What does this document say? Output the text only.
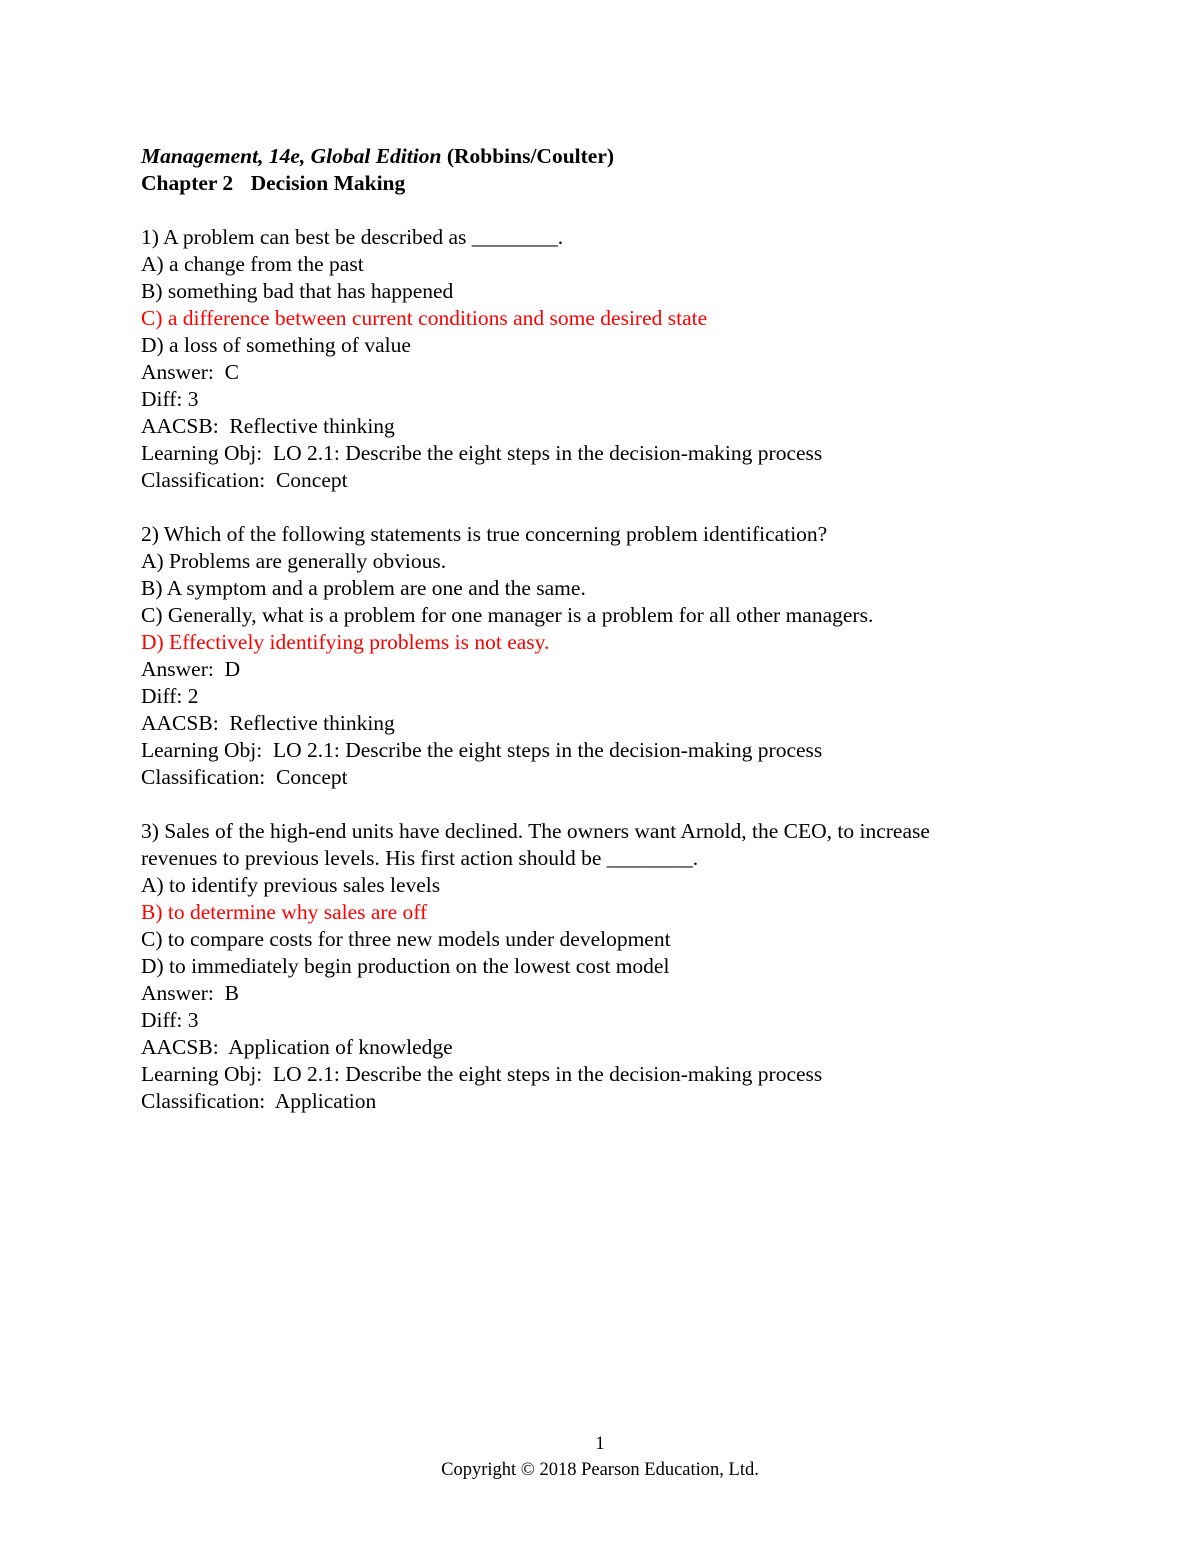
Management, 14e, Global Edition (Robbins/Coulter)
Chapter 2 Decision Making
1) A problem can best be described as ________.
A) a change from the past
B) something bad that has happened
C) a difference between current conditions and some desired state
D) a loss of something of value
Answer:  C
Diff: 3
AACSB:  Reflective thinking
Learning Obj:  LO 2.1: Describe the eight steps in the decision-making process
Classification:  Concept
2) Which of the following statements is true concerning problem identification?
A) Problems are generally obvious.
B) A symptom and a problem are one and the same.
C) Generally, what is a problem for one manager is a problem for all other managers.
D) Effectively identifying problems is not easy.
Answer:  D
Diff: 2
AACSB:  Reflective thinking
Learning Obj:  LO 2.1: Describe the eight steps in the decision-making process
Classification:  Concept
3) Sales of the high-end units have declined. The owners want Arnold, the CEO, to increase
revenues to previous levels. His first action should be ________.
A) to identify previous sales levels
B) to determine why sales are off
C) to compare costs for three new models under development
D) to immediately begin production on the lowest cost model
Answer:  B
Diff: 3
AACSB:  Application of knowledge
Learning Obj:  LO 2.1: Describe the eight steps in the decision-making process
Classification:  Application
1
Copyright © 2018 Pearson Education, Ltd.
